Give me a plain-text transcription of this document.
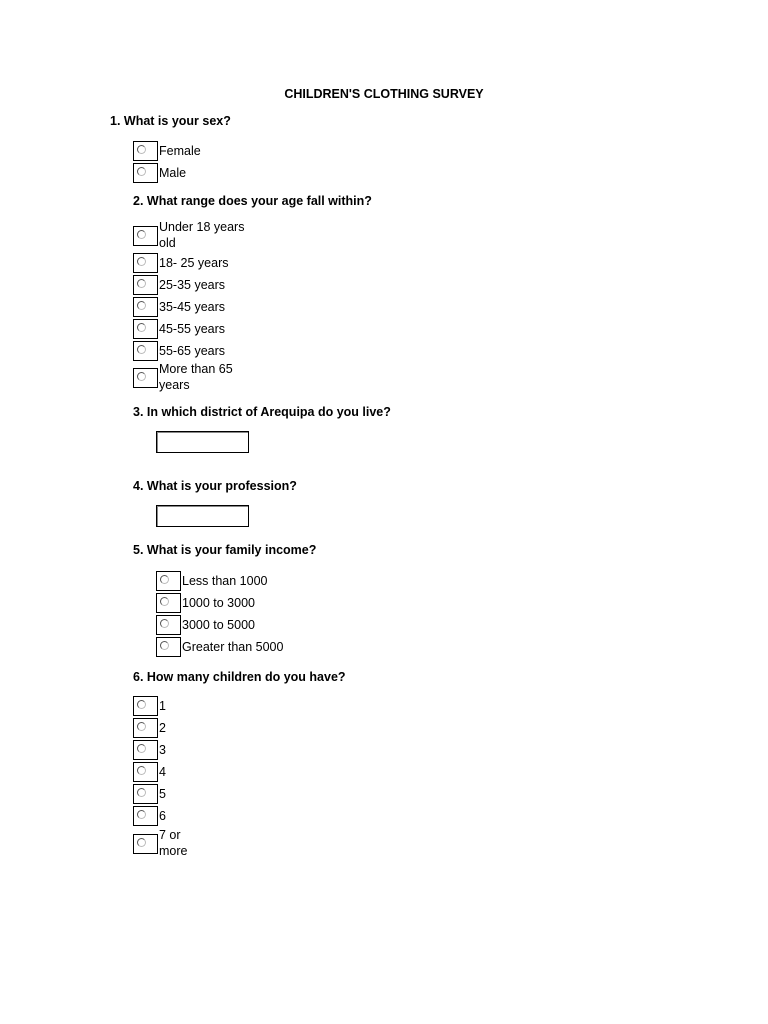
CHILDREN'S CLOTHING SURVEY
1. What is your sex?
Female
Male
2. What range does your age fall within?
Under 18 years old
18- 25 years
25-35 years
35-45 years
45-55 years
55-65 years
More than 65 years
3. In which district of Arequipa do you live?
4. What is your profession?
5. What is your family income?
Less than 1000
1000 to 3000
3000 to 5000
Greater than 5000
6. How many children do you have?
1
2
3
4
5
6
7 or more
